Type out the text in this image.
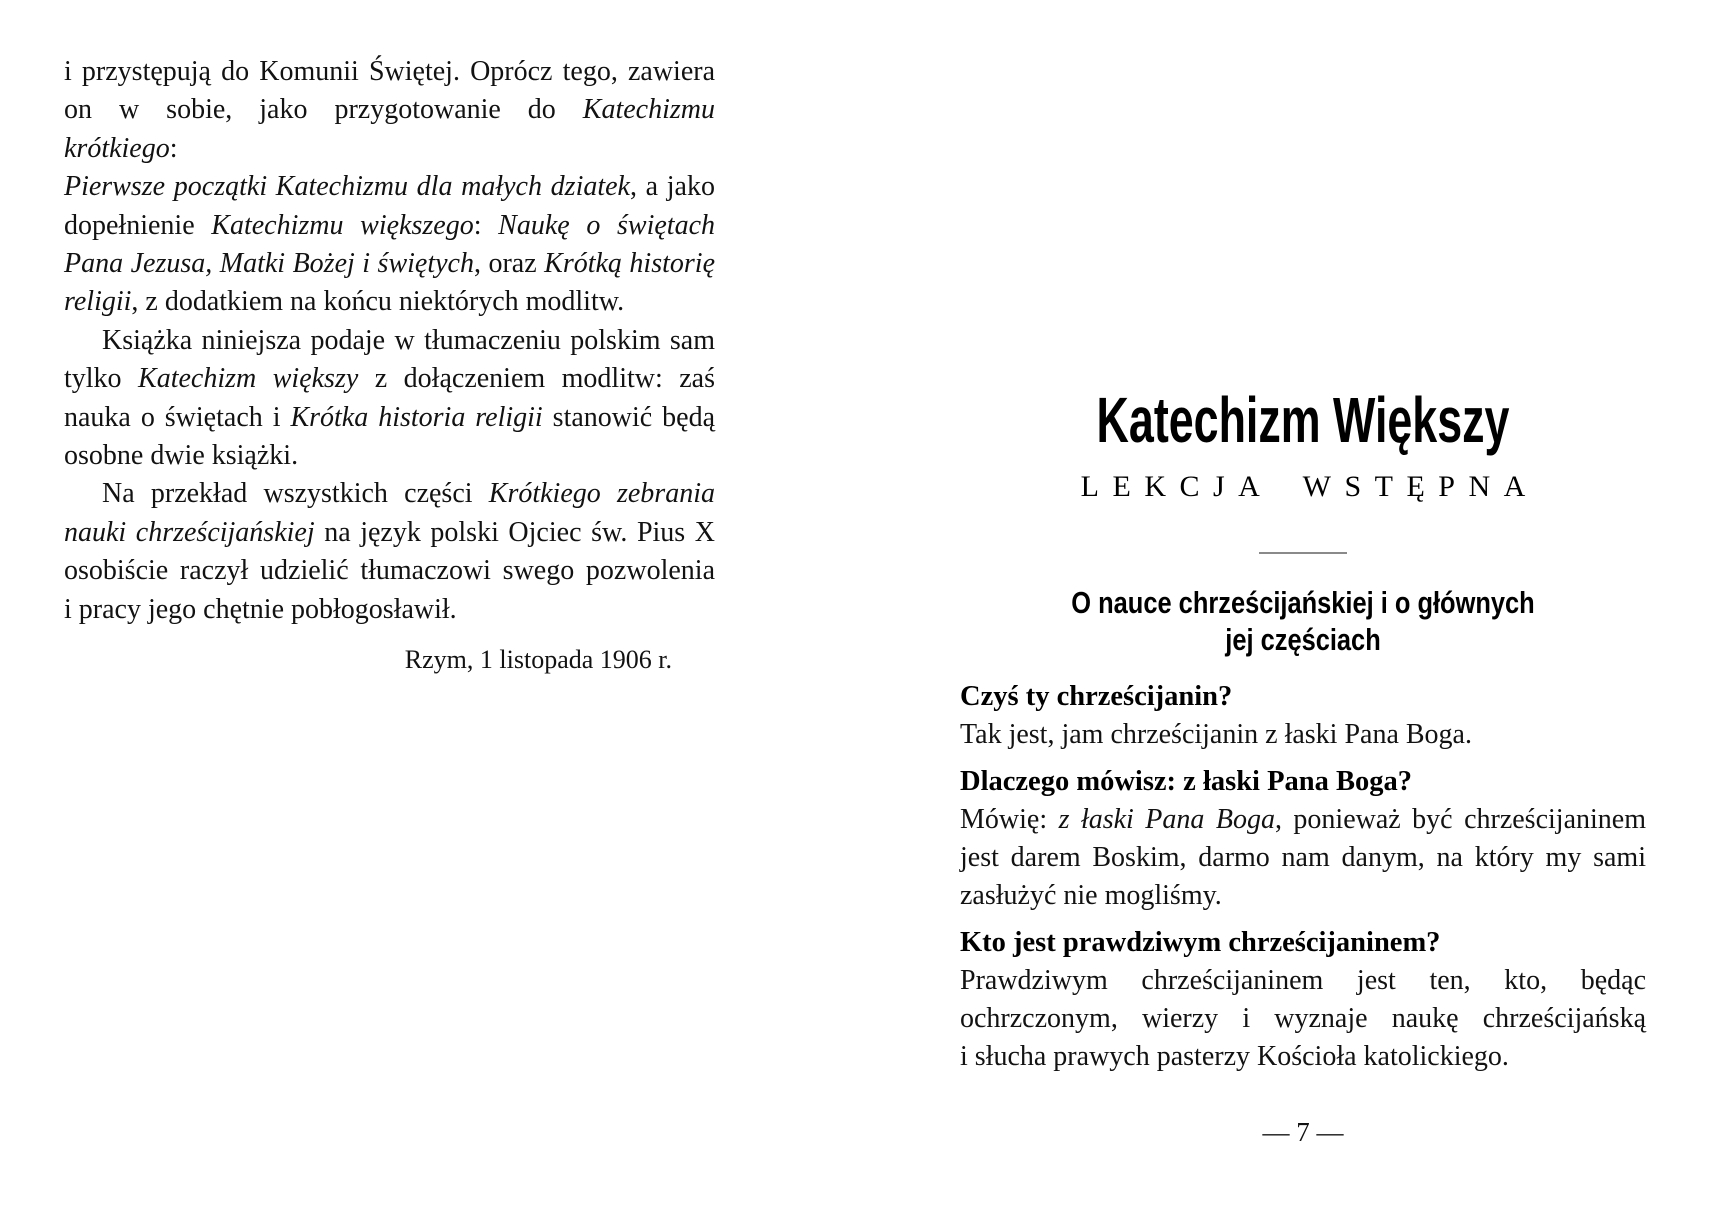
i przystępują do Komunii Świętej. Oprócz tego, zawiera
on w sobie, jako przygotowanie do Katechizmu krótkiego:
Pierwsze początki Katechizmu dla małych dziatek, a jako
dopełnienie Katechizmu większego: Naukę o świętach
Pana Jezusa, Matki Bożej i świętych, oraz Krótką historię
religii, z dodatkiem na końcu niektórych modlitw.
Książka niniejsza podaje w tłumaczeniu polskim sam
tylko Katechizm większy z dołączeniem modlitw: zaś
nauka o świętach i Krótka historia religii stanowić będą
osobne dwie książki.
Na przekład wszystkich części Krótkiego zebrania
nauki chrześcijańskiej na język polski Ojciec św. Pius X
osobiście raczył udzielić tłumaczowi swego pozwolenia
i pracy jego chętnie pobłogosławił.
Rzym, 1 listopada 1906 r.
Katechizm Większy
LEKCJA WSTĘPNA
O nauce chrześcijańskiej i o głównych
jej częściach
Czyś ty chrześcijanin?
Tak jest, jam chrześcijanin z łaski Pana Boga.
Dlaczego mówisz: z łaski Pana Boga?
Mówię: z łaski Pana Boga, ponieważ być chrześcijaninem
jest darem Boskim, darmo nam danym, na który my sami
zasłużyć nie mogliśmy.
Kto jest prawdziwym chrześcijaninem?
Prawdziwym chrześcijaninem jest ten, kto, będąc
ochrzczonym, wierzy i wyznaje naukę chrześcijańską
i słucha prawych pasterzy Kościoła katolickiego.
— 7 —
